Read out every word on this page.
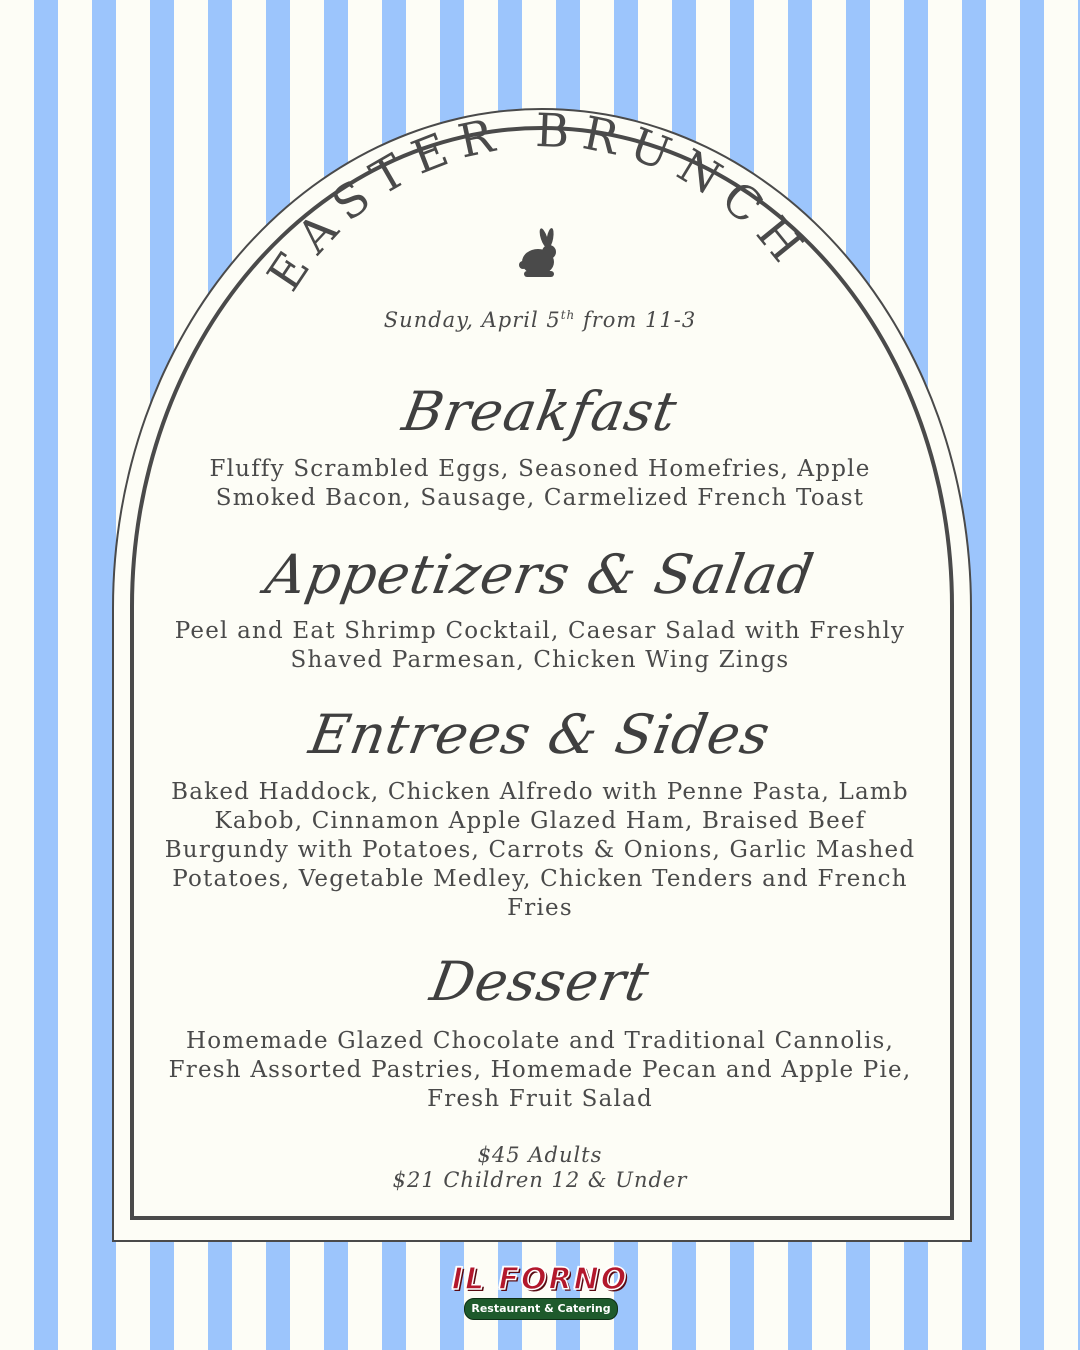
EASTER BRUNCH
Sunday, April 5th from 11-3
Breakfast
Fluffy Scrambled Eggs, Seasoned Homefries, Apple
Smoked Bacon, Sausage, Carmelized French Toast
Appetizers & Salad
Peel and Eat Shrimp Cocktail, Caesar Salad with Freshly
Shaved Parmesan, Chicken Wing Zings
Entrees & Sides
Baked Haddock, Chicken Alfredo with Penne Pasta, Lamb
Kabob, Cinnamon Apple Glazed Ham, Braised Beef
Burgundy with Potatoes, Carrots & Onions, Garlic Mashed
Potatoes, Vegetable Medley, Chicken Tenders and French
Fries
Dessert
Homemade Glazed Chocolate and Traditional Cannolis,
Fresh Assorted Pastries, Homemade Pecan and Apple Pie,
Fresh Fruit Salad
$45 Adults
$21 Children 12 & Under
IL FORNO
Restaurant & Catering
